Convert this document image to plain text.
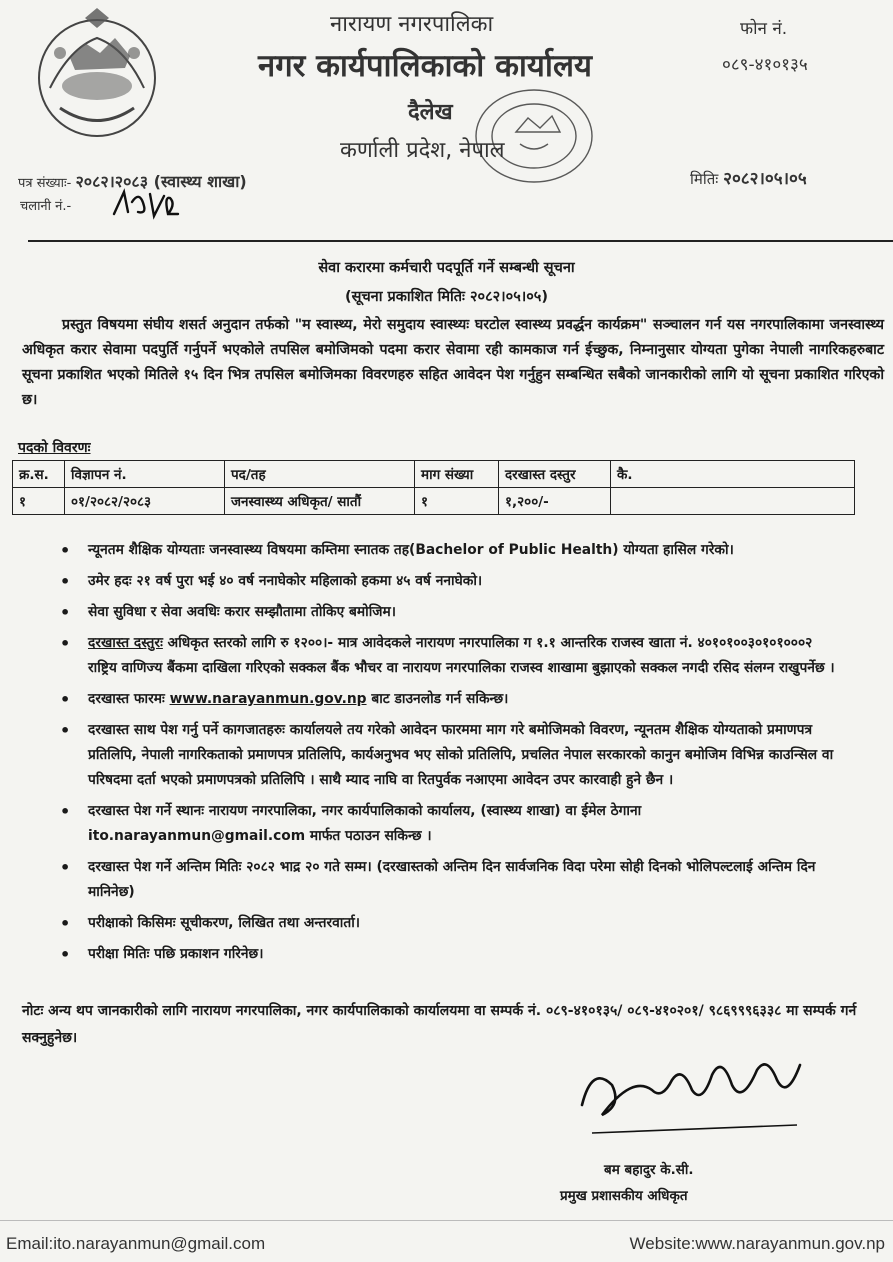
नारायण नगरपालिका
नगर कार्यपालिकाको कार्यालय
दैलेख
कर्णाली प्रदेश, नेपाल
फोन नं.
०८९-४१०१३५
पत्र संख्याः- २०८२।२०८३ (स्वास्थ्य शाखा)
चलानी नं.-
मितिः २०८२।०५।०५
सेवा करारमा कर्मचारी पदपूर्ति गर्ने सम्बन्धी सूचना
(सूचना प्रकाशित मितिः २०८२।०५।०५)
प्रस्तुत विषयमा संघीय शसर्त अनुदान तर्फको "म स्वास्थ्य, मेरो समुदाय स्वास्थ्यः घरटोल स्वास्थ्य प्रवर्द्धन कार्यक्रम" सञ्चालन गर्न यस नगरपालिकामा जनस्वास्थ्य अधिकृत करार सेवामा पदपुर्ति गर्नुपर्ने भएकोले तपसिल बमोजिमको पदमा करार सेवामा रही कामकाज गर्न ईच्छुक, निम्नानुसार योग्यता पुगेका नेपाली नागरिकहरुबाट सूचना प्रकाशित भएको मितिले १५ दिन भित्र तपसिल बमोजिमका विवरणहरु सहित आवेदन पेश गर्नुहुन सम्बन्धित सबैको जानकारीको लागि यो सूचना प्रकाशित गरिएको छ।
पदको विवरणः
क्र.स.	विज्ञापन नं.	पद/तह	माग संख्या	दरखास्त दस्तुर	कै.
१	०१/२०८२/२०८३	जनस्वास्थ्य अधिकृत/ सातौं	१	१,२००/-	
• न्यूनतम शैक्षिक योग्यताः जनस्वास्थ्य विषयमा कम्तिमा स्नातक तह(Bachelor of Public Health) योग्यता हासिल गरेको।
• उमेर हदः २१ वर्ष पुरा भई ४० वर्ष ननाघेकोर महिलाको हकमा ४५ वर्ष ननाघेको।
• सेवा सुविधा र सेवा अवधिः करार सम्झौतामा तोकिए बमोजिम।
• दरखास्त दस्तुरः अधिकृत स्तरको लागि रु १२००।- मात्र आवेदकले नारायण नगरपालिका ग १.१ आन्तरिक राजस्व खाता नं. ४०१०१००३०१०१०००२ राष्ट्रिय वाणिज्य बैंकमा दाखिला गरिएको सक्कल बैंक भौचर वा नारायण नगरपालिका राजस्व शाखामा बुझाएको सक्कल नगदी रसिद संलग्न राखुपर्नेछ ।
• दरखास्त फारमः www.narayanmun.gov.np बाट डाउनलोड गर्न सकिन्छ।
• दरखास्त साथ पेश गर्नु पर्ने कागजातहरुः कार्यालयले तय गरेको आवेदन फारममा माग गरे बमोजिमको विवरण, न्यूनतम शैक्षिक योग्यताको प्रमाणपत्र प्रतिलिपि, नेपाली नागरिकताको प्रमाणपत्र प्रतिलिपि, कार्यअनुभव भए सोको प्रतिलिपि, प्रचलित नेपाल सरकारको कानुन बमोजिम विभिन्न काउन्सिल वा परिषदमा दर्ता भएको प्रमाणपत्रको प्रतिलिपि । साथै म्याद नाघि वा रितपुर्वक नआएमा आवेदन उपर कारवाही हुने छैन ।
• दरखास्त पेश गर्ने स्थानः नारायण नगरपालिका, नगर कार्यपालिकाको कार्यालय, (स्वास्थ्य शाखा) वा ईमेल ठेगाना ito.narayanmun@gmail.com मार्फत पठाउन सकिन्छ ।
• दरखास्त पेश गर्ने अन्तिम मितिः २०८२ भाद्र २० गते सम्म। (दरखास्तको अन्तिम दिन सार्वजनिक विदा परेमा सोही दिनको भोलिपल्टलाई अन्तिम दिन मानिनेछ)
• परीक्षाको किसिमः सूचीकरण, लिखित तथा अन्तरवार्ता।
• परीक्षा मितिः पछि प्रकाशन गरिनेछ।
नोटः अन्य थप जानकारीको लागि नारायण नगरपालिका, नगर कार्यपालिकाको कार्यालयमा वा सम्पर्क नं. ०८९-४१०१३५/ ०८९-४१०२०१/ ९८६९९९६३३८ मा सम्पर्क गर्न सक्नुहुनेछ।
बम बहादुर के.सी.
प्रमुख प्रशासकीय अधिकृत
Email:ito.narayanmun@gmail.com	Website:www.narayanmun.gov.np
